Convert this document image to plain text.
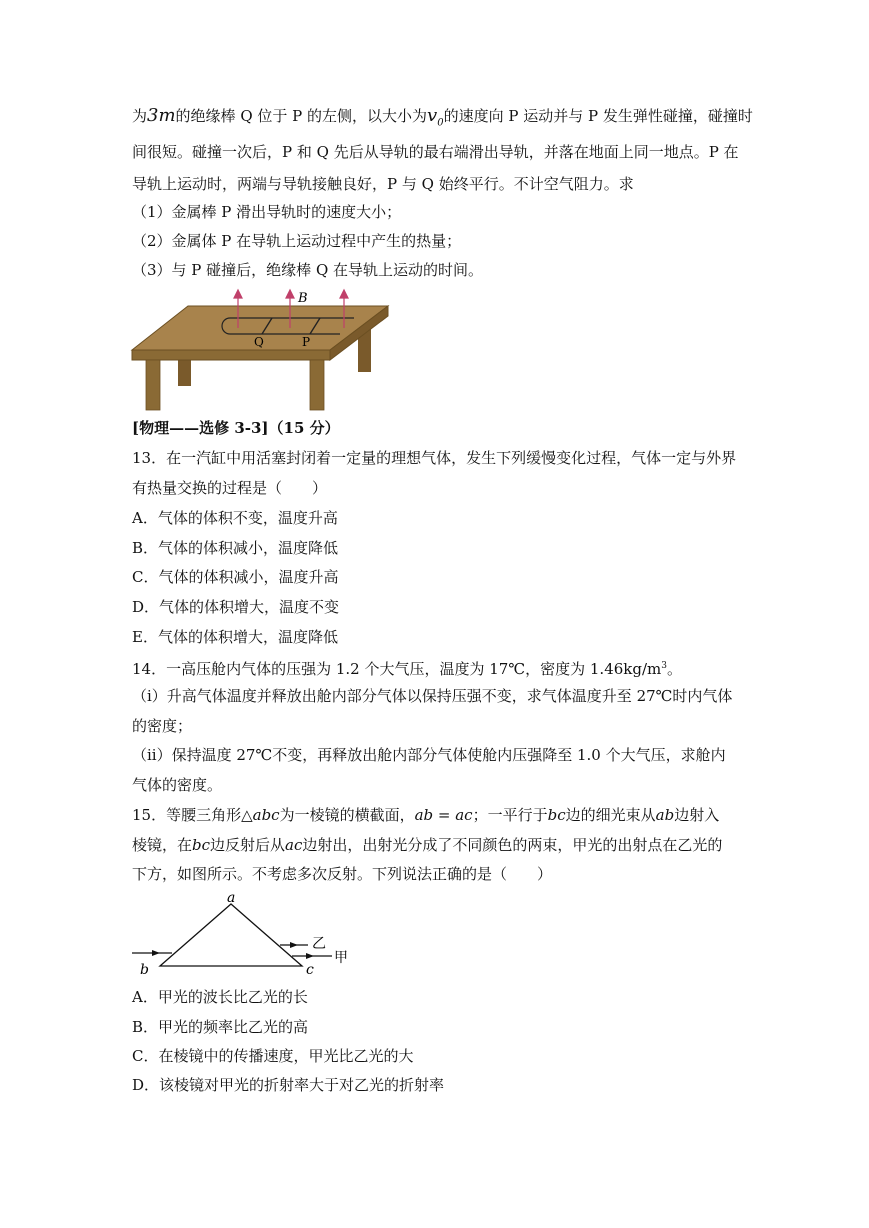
为3m的绝缘棒 Q 位于 P 的左侧，以大小为$v_0$的速度向 P 运动并与 P 发生弹性碰撞，碰撞时
间很短。碰撞一次后，P 和 Q 先后从导轨的最右端滑出导轨，并落在地面上同一地点。P 在
导轨上运动时，两端与导轨接触良好，P 与 Q 始终平行。不计空气阻力。求
（1）金属棒 P 滑出导轨时的速度大小；
（2）金属体 P 在导轨上运动过程中产生的热量；
（3）与 P 碰撞后，绝缘棒 Q 在导轨上运动的时间。
B
Q	P
[物理——选修 3-3]（15 分）
13．在一汽缸中用活塞封闭着一定量的理想气体，发生下列缓慢变化过程，气体一定与外界
有热量交换的过程是（　　）
A．气体的体积不变，温度升高
B．气体的体积减小，温度降低
C．气体的体积减小，温度升高
D．气体的体积增大，温度不变
E．气体的体积增大，温度降低
14．一高压舱内气体的压强为 1.2 个大气压，温度为 17℃，密度为 $1.46kg/m^3$。
（i）升高气体温度并释放出舱内部分气体以保持压强不变，求气体温度升至 27℃时内气体
的密度；
（ii）保持温度 27℃不变，再释放出舱内部分气体使舱内压强降至 1.0 个大气压，求舱内
气体的密度。
15．等腰三角形△abc为一棱镜的横截面，ab = ac；一平行于bc边的细光束从ab边射入
棱镜，在bc边反射后从ac边射出，出射光分成了不同颜色的两束，甲光的出射点在乙光的
下方，如图所示。不考虑多次反射。下列说法正确的是（　　）
a
b	c
乙
甲
A．甲光的波长比乙光的长
B．甲光的频率比乙光的高
C．在棱镜中的传播速度，甲光比乙光的大
D．该棱镜对甲光的折射率大于对乙光的折射率
